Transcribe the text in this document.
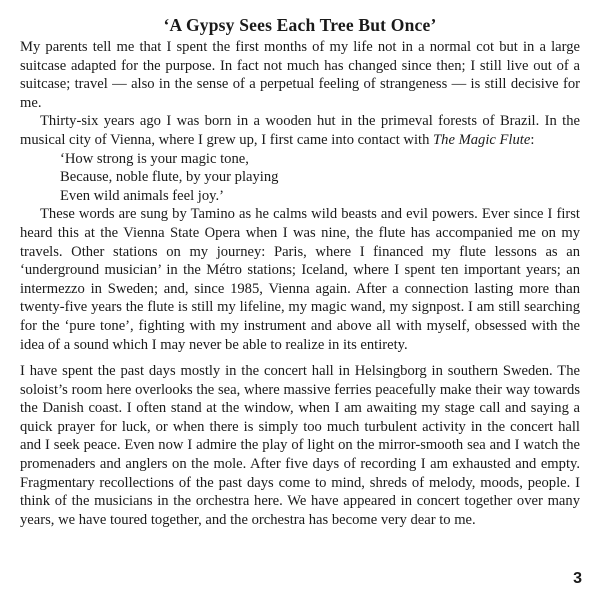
‘A Gypsy Sees Each Tree But Once’

My parents tell me that I spent the first months of my life not in a normal cot but in a large suitcase adapted for the purpose. In fact not much has changed since then; I still live out of a suitcase; travel — also in the sense of a perpetual feeling of strangeness — is still decisive for me.

Thirty-six years ago I was born in a wooden hut in the primeval forests of Brazil. In the musical city of Vienna, where I grew up, I first came into contact with The Magic Flute:

‘How strong is your magic tone,
Because, noble flute, by your playing
Even wild animals feel joy.’

These words are sung by Tamino as he calms wild beasts and evil powers. Ever since I first heard this at the Vienna State Opera when I was nine, the flute has accompanied me on my travels. Other stations on my journey: Paris, where I financed my flute lessons as an ‘underground musician’ in the Métro stations; Iceland, where I spent ten important years; an intermezzo in Sweden; and, since 1985, Vienna again. After a connection lasting more than twenty-five years the flute is still my lifeline, my magic wand, my signpost. I am still searching for the ‘pure tone’, fighting with my instrument and above all with myself, obsessed with the idea of a sound which I may never be able to realize in its entirety.

I have spent the past days mostly in the concert hall in Helsingborg in southern Sweden. The soloist’s room here overlooks the sea, where massive ferries peacefully make their way towards the Danish coast. I often stand at the window, when I am awaiting my stage call and saying a quick prayer for luck, or when there is simply too much turbulent activity in the concert hall and I seek peace. Even now I admire the play of light on the mirror-smooth sea and I watch the promenaders and anglers on the mole. After five days of recording I am exhausted and empty. Fragmentary recollections of the past days come to mind, shreds of melody, moods, people. I think of the musicians in the orchestra here. We have appeared in concert together over many years, we have toured together, and the orchestra has become very dear to me.

3
